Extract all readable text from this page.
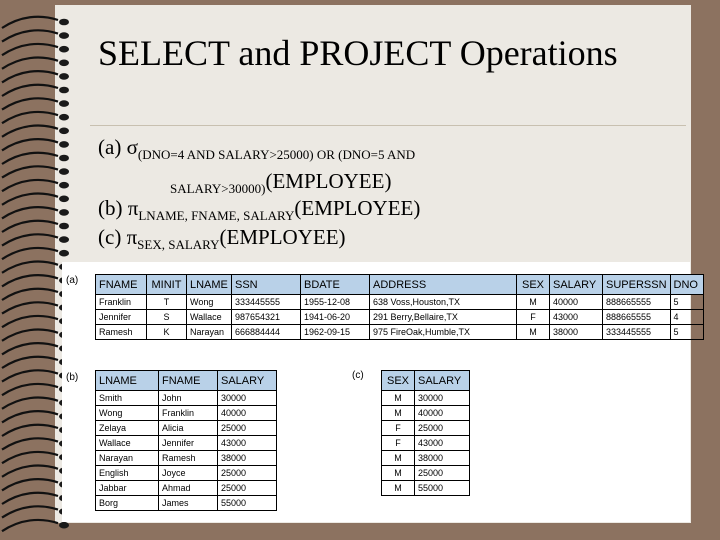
SELECT and PROJECT Operations
(a) $\sigma_{(DNO=4 AND SALARY>25000) OR (DNO=5 AND}$
$_{SALARY>30000)}$(EMPLOYEE)
(b) $\pi_{LNAME, FNAME, SALARY}(EMPLOYEE)$
(c) $\pi_{SEX, SALARY}(EMPLOYEE)$
(a)
(b)	(c)
FNAME	MINIT	LNAME	SSN	BDATE	ADDRESS	SEX	SALARY	SUPERSSN	DNO
Franklin	T	Wong	333445555	1955-12-08	638 Voss,Houston,TX	M	40000	888665555	5
Jennifer	S	Wallace	987654321	1941-06-20	291 Berry,Bellaire,TX	F	43000	888665555	4
Ramesh	K	Narayan	666884444	1962-09-15	975 FireOak,Humble,TX	M	38000	333445555	5
LNAME	FNAME	SALARY
Smith	John	30000
Wong	Franklin	40000
Zelaya	Alicia	25000
Wallace	Jennifer	43000
Narayan	Ramesh	38000
English	Joyce	25000
Jabbar	Ahmad	25000
Borg	James	55000
SEX	SALARY
M	30000
M	40000
F	25000
F	43000
M	38000
M	25000
M	55000
